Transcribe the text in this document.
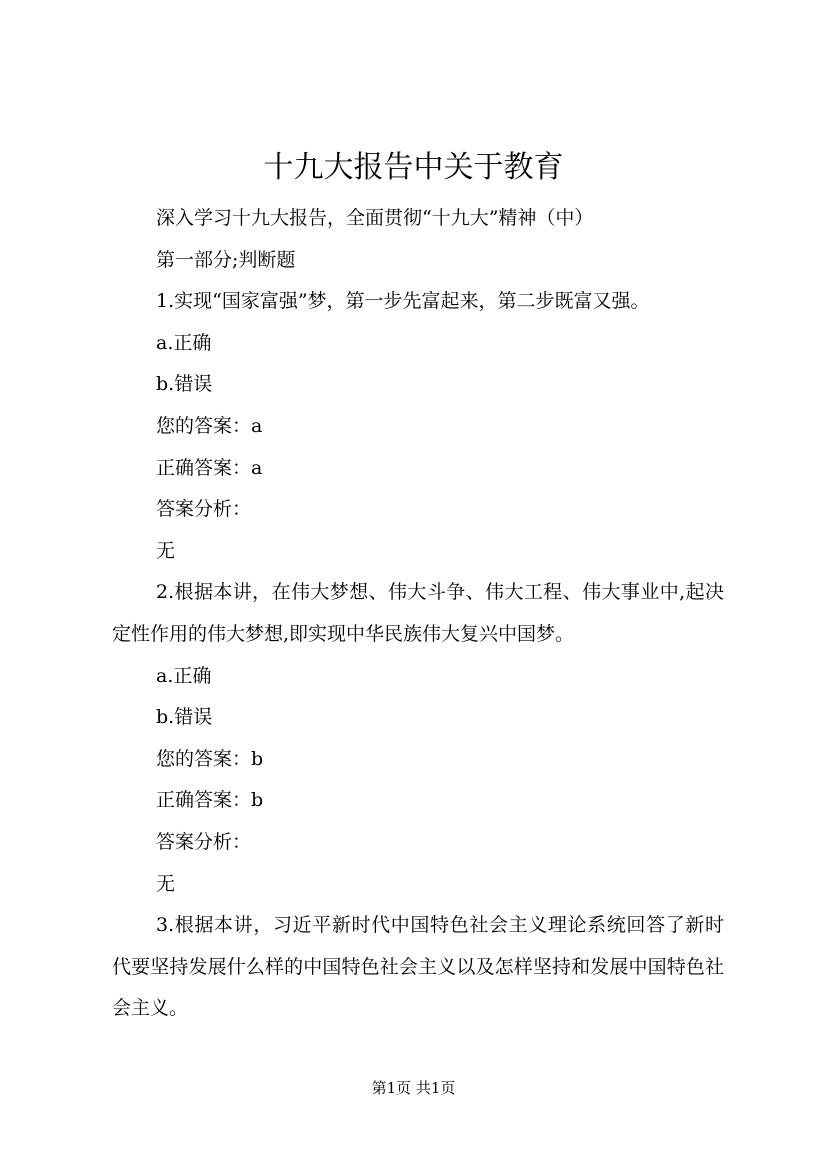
十九大报告中关于教育

深入学习十九大报告，全面贯彻“十九大”精神（中）

第一部分;判断题

1.实现“国家富强”梦，第一步先富起来，第二步既富又强。

a.正确

b.错误

您的答案：a

正确答案：a

答案分析：

无

2.根据本讲，在伟大梦想、伟大斗争、伟大工程、伟大事业中,起决定性作用的伟大梦想,即实现中华民族伟大复兴中国梦。

a.正确

b.错误

您的答案：b

正确答案：b

答案分析：

无

3.根据本讲，习近平新时代中国特色社会主义理论系统回答了新时代要坚持发展什么样的中国特色社会主义以及怎样坚持和发展中国特色社会主义。

第1页 共1页
